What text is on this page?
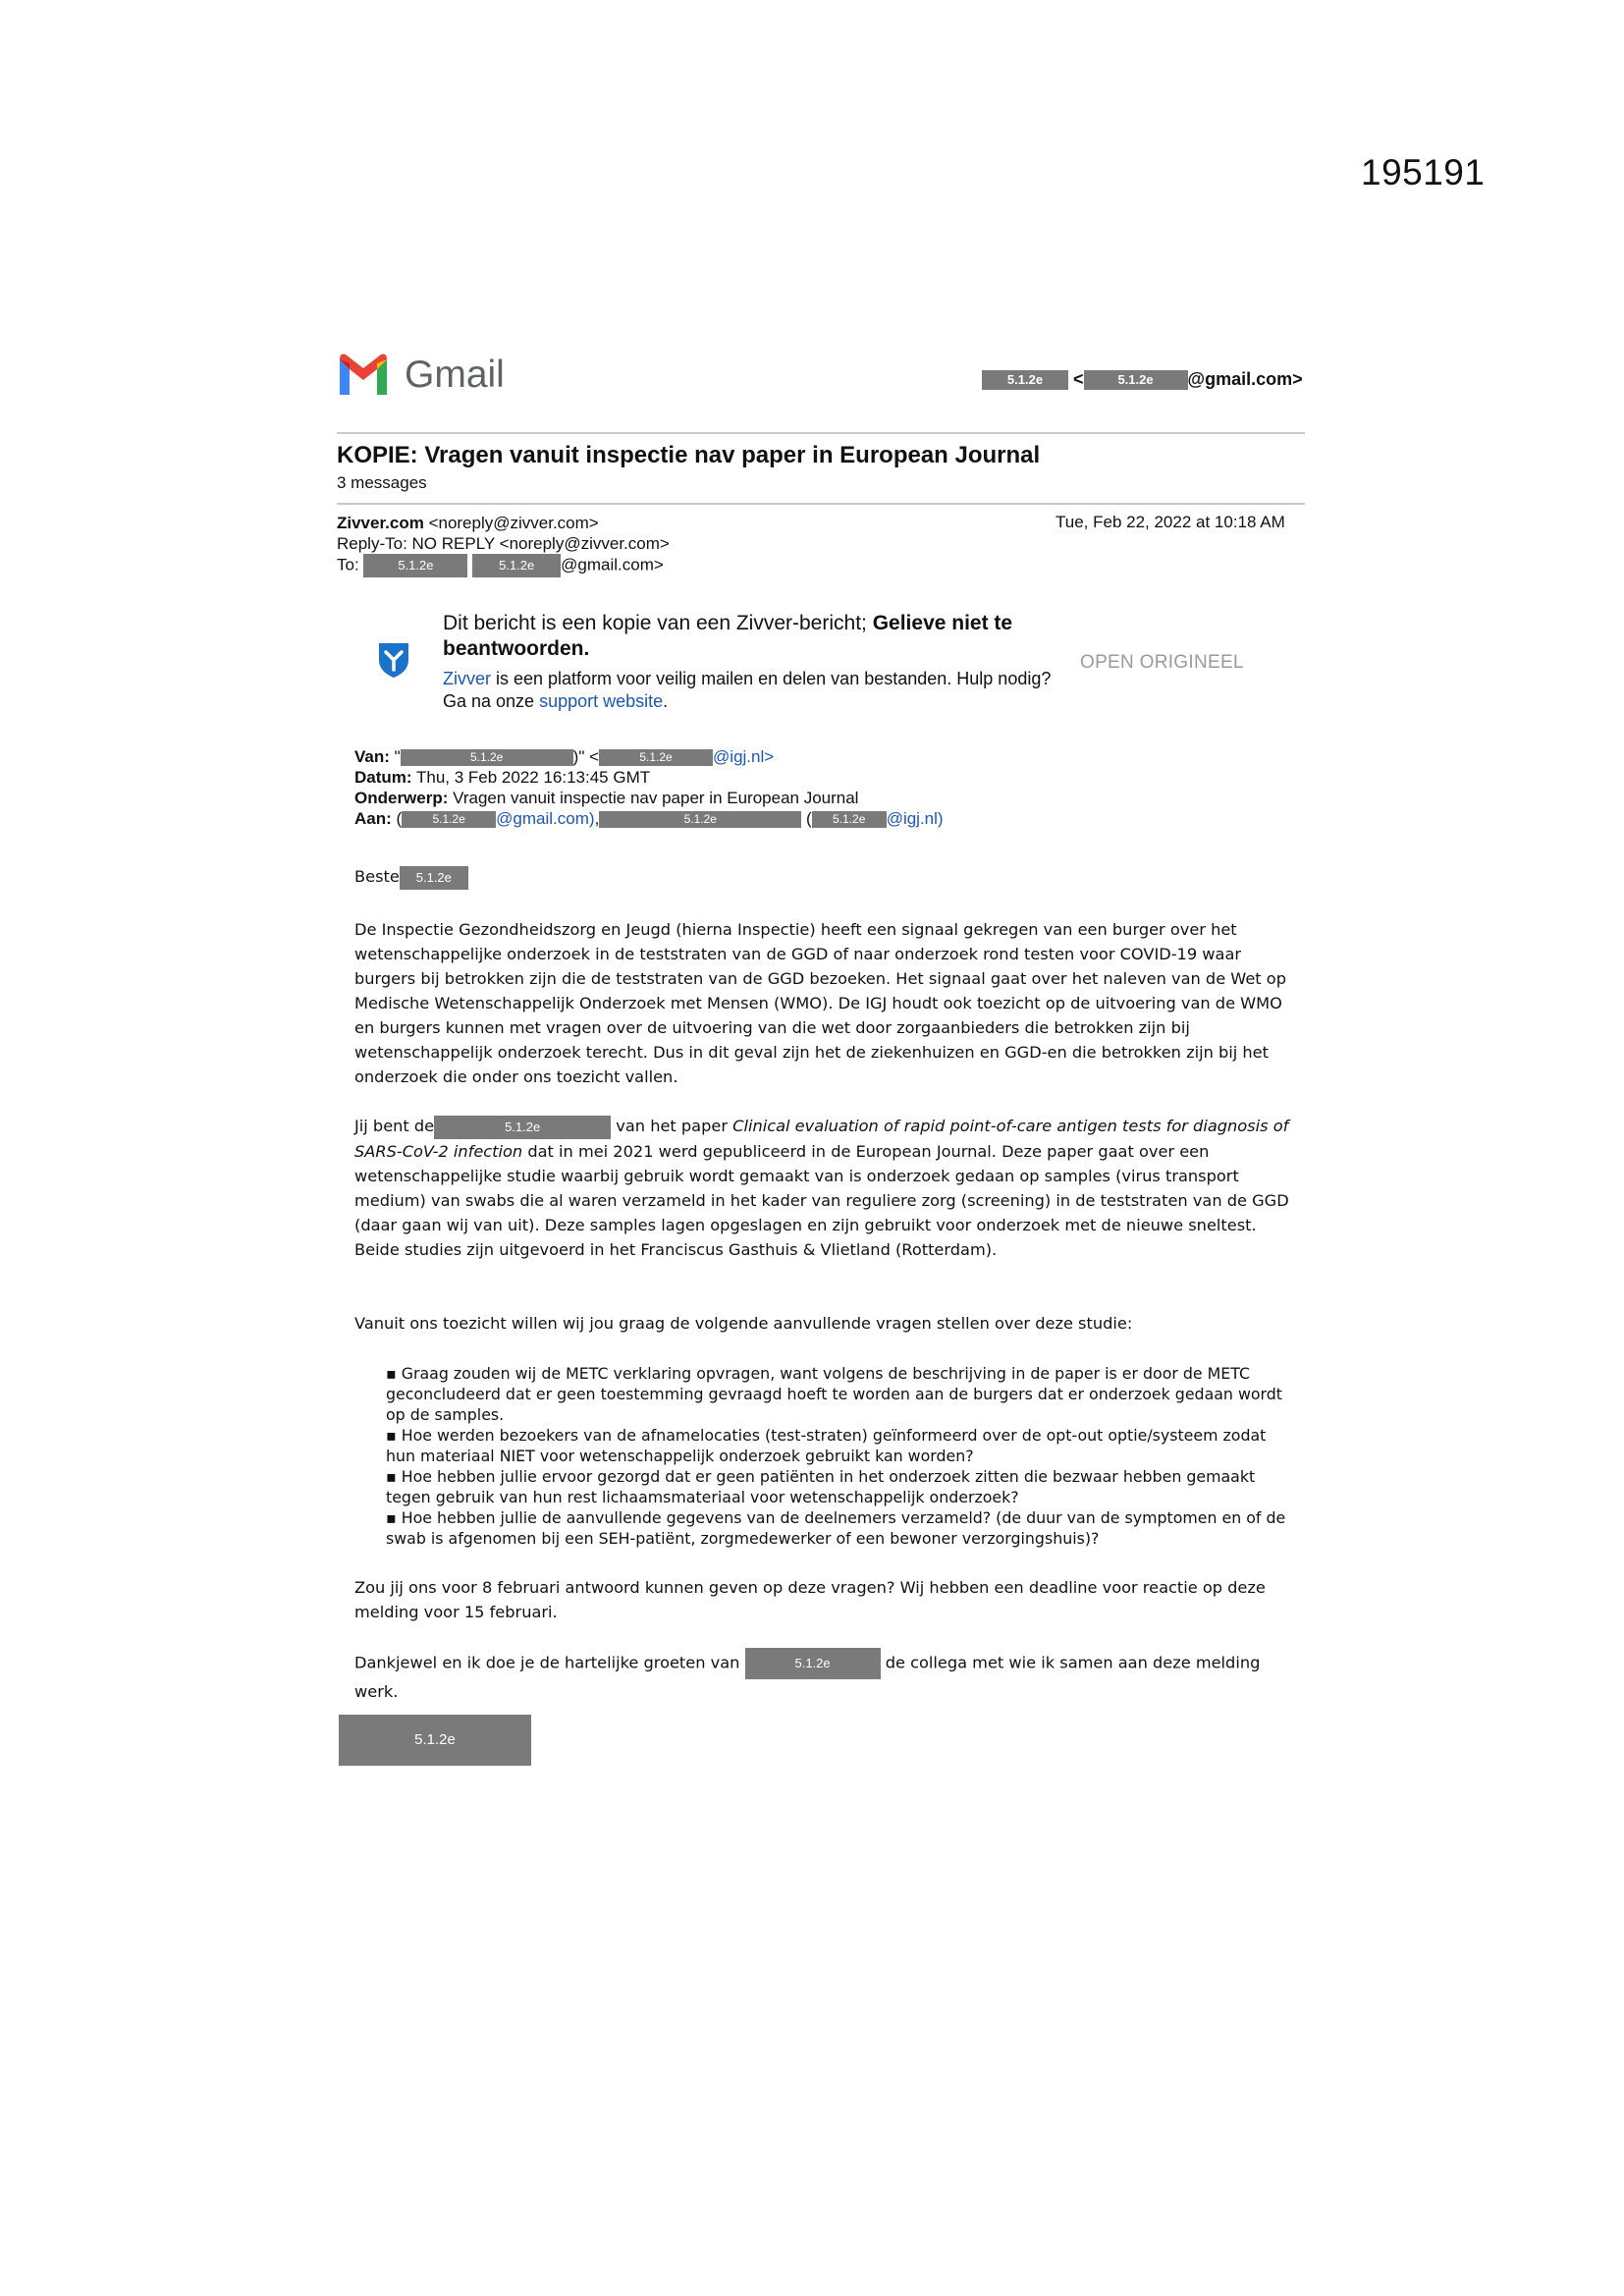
195191
Gmail	5.1.2e <	5.1.2e @gmail.com>
KOPIE: Vragen vanuit inspectie nav paper in European Journal
3 messages
Zivver.com <noreply@zivver.com>
Reply-To: NO REPLY <noreply@zivver.com>
To:	5.1.2e	5.1.2e @gmail.com>
Tue, Feb 22, 2022 at 10:18 AM
Dit bericht is een kopie van een Zivver-bericht; Gelieve niet te beantwoorden.
Zivver is een platform voor veilig mailen en delen van bestanden. Hulp nodig? Ga na onze support website.
OPEN ORIGINEEL
Van: "	5.1.2e	)" <	5.1.2e @igj.nl>
Datum: Thu, 3 Feb 2022 16:13:45 GMT
Onderwerp: Vragen vanuit inspectie nav paper in European Journal
Aan: (	5.1.2e @gmail.com),	5.1.2e	( 5.1.2e @igj.nl)
Beste 5.1.2e
De Inspectie Gezondheidszorg en Jeugd (hierna Inspectie) heeft een signaal gekregen van een burger over het wetenschappelijke onderzoek in de teststraten van de GGD of naar onderzoek rond testen voor COVID-19 waar burgers bij betrokken zijn die de teststraten van de GGD bezoeken. Het signaal gaat over het naleven van de Wet op Medische Wetenschappelijk Onderzoek met Mensen (WMO). De IGJ houdt ook toezicht op de uitvoering van de WMO en burgers kunnen met vragen over de uitvoering van die wet door zorgaanbieders die betrokken zijn bij wetenschappelijk onderzoek terecht. Dus in dit geval zijn het de ziekenhuizen en GGD-en die betrokken zijn bij het onderzoek die onder ons toezicht vallen.
Jij bent de	5.1.2e	van het paper Clinical evaluation of rapid point-of-care antigen tests for diagnosis of SARS-CoV-2 infection dat in mei 2021 werd gepubliceerd in de European Journal. Deze paper gaat over een wetenschappelijke studie waarbij gebruik wordt gemaakt van is onderzoek gedaan op samples (virus transport medium) van swabs die al waren verzameld in het kader van reguliere zorg (screening) in de teststraten van de GGD (daar gaan wij van uit). Deze samples lagen opgeslagen en zijn gebruikt voor onderzoek met de nieuwe sneltest. Beide studies zijn uitgevoerd in het Franciscus Gasthuis & Vlietland (Rotterdam).
Vanuit ons toezicht willen wij jou graag de volgende aanvullende vragen stellen over deze studie:
▪ Graag zouden wij de METC verklaring opvragen, want volgens de beschrijving in de paper is er door de METC geconcludeerd dat er geen toestemming gevraagd hoeft te worden aan de burgers dat er onderzoek gedaan wordt op de samples.
▪ Hoe werden bezoekers van de afnamelocaties (test-straten) geïnformeerd over de opt-out optie/systeem zodat hun materiaal NIET voor wetenschappelijk onderzoek gebruikt kan worden?
▪ Hoe hebben jullie ervoor gezorgd dat er geen patiënten in het onderzoek zitten die bezwaar hebben gemaakt tegen gebruik van hun rest lichaamsmateriaal voor wetenschappelijk onderzoek?
▪ Hoe hebben jullie de aanvullende gegevens van de deelnemers verzameld? (de duur van de symptomen en of de swab is afgenomen bij een SEH-patiënt, zorgmedewerker of een bewoner verzorgingshuis)?
Zou jij ons voor 8 februari antwoord kunnen geven op deze vragen? Wij hebben een deadline voor reactie op deze melding voor 15 februari.
Dankjewel en ik doe je de hartelijke groeten van	5.1.2e	de collega met wie ik samen aan deze melding werk.
5.1.2e
